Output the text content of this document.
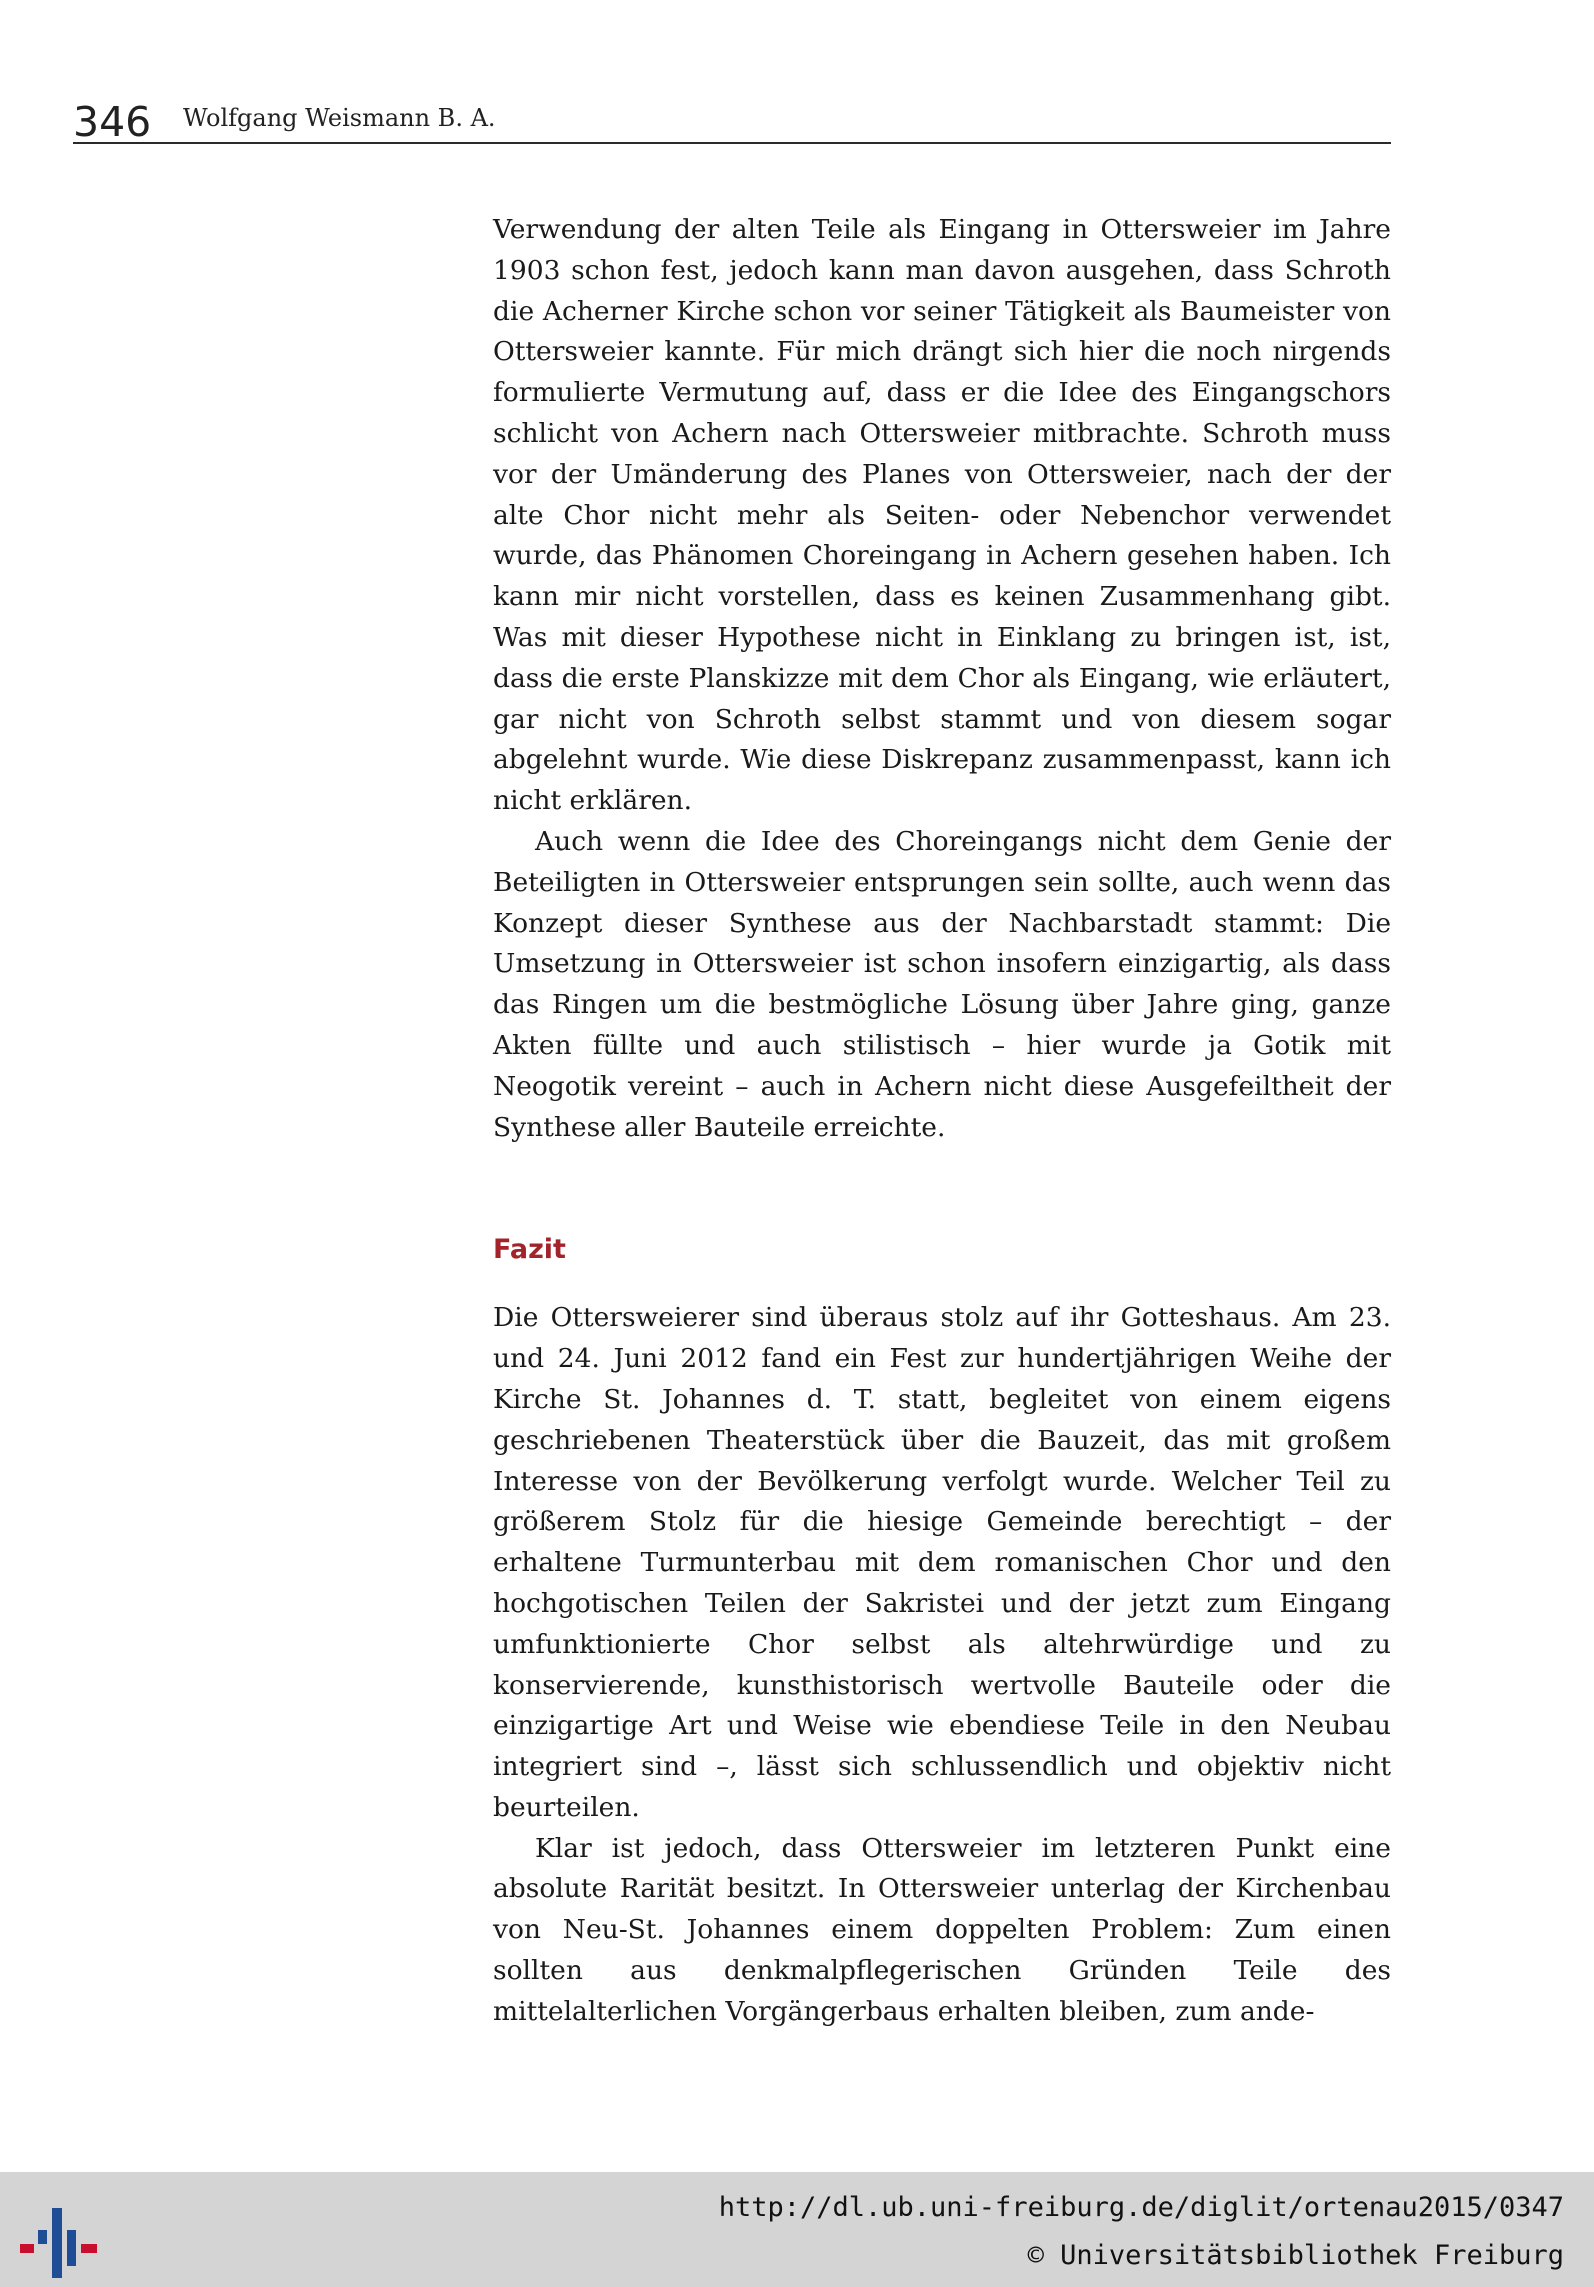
346 Wolfgang Weismann B. A.

Verwendung der alten Teile als Eingang in Ottersweier im Jahre 1903 schon fest, jedoch kann man davon ausgehen, dass Schroth die Acherner Kirche schon vor seiner Tätigkeit als Baumeister von Ottersweier kannte. Für mich drängt sich hier die noch nirgends formulierte Vermutung auf, dass er die Idee des Eingangschors schlicht von Achern nach Ottersweier mitbrachte. Schroth muss vor der Umänderung des Planes von Ottersweier, nach der der alte Chor nicht mehr als Seiten- oder Nebenchor verwendet wurde, das Phänomen Choreingang in Achern gesehen haben. Ich kann mir nicht vorstellen, dass es keinen Zusammenhang gibt. Was mit dieser Hypothese nicht in Einklang zu bringen ist, ist, dass die erste Planskizze mit dem Chor als Eingang, wie erläutert, gar nicht von Schroth selbst stammt und von diesem sogar abgelehnt wurde. Wie diese Diskrepanz zusammenpasst, kann ich nicht erklären.

Auch wenn die Idee des Choreingangs nicht dem Genie der Beteiligten in Ottersweier entsprungen sein sollte, auch wenn das Konzept dieser Synthese aus der Nachbarstadt stammt: Die Umsetzung in Ottersweier ist schon insofern einzigartig, als dass das Ringen um die bestmögliche Lösung über Jahre ging, ganze Akten füllte und auch stilistisch – hier wurde ja Gotik mit Neogotik vereint – auch in Achern nicht diese Ausgefeiltheit der Synthese aller Bauteile erreichte.

Fazit

Die Ottersweierer sind überaus stolz auf ihr Gotteshaus. Am 23. und 24. Juni 2012 fand ein Fest zur hundertjährigen Weihe der Kirche St. Johannes d. T. statt, begleitet von einem eigens geschriebenen Theaterstück über die Bauzeit, das mit großem Interesse von der Bevölkerung verfolgt wurde. Welcher Teil zu größerem Stolz für die hiesige Gemeinde berechtigt – der erhaltene Turmunterbau mit dem romanischen Chor und den hochgotischen Teilen der Sakristei und der jetzt zum Eingang umfunktionierte Chor selbst als altehrwürdige und zu konservierende, kunsthistorisch wertvolle Bauteile oder die einzigartige Art und Weise wie ebendiese Teile in den Neubau integriert sind –, lässt sich schlussendlich und objektiv nicht beurteilen.

Klar ist jedoch, dass Ottersweier im letzteren Punkt eine absolute Rarität besitzt. In Ottersweier unterlag der Kirchenbau von Neu-St. Johannes einem doppelten Problem: Zum einen sollten aus denkmalpflegerischen Gründen Teile des mittelalterlichen Vorgängerbaus erhalten bleiben, zum ande-

http://dl.ub.uni-freiburg.de/diglit/ortenau2015/0347
© Universitätsbibliothek Freiburg
